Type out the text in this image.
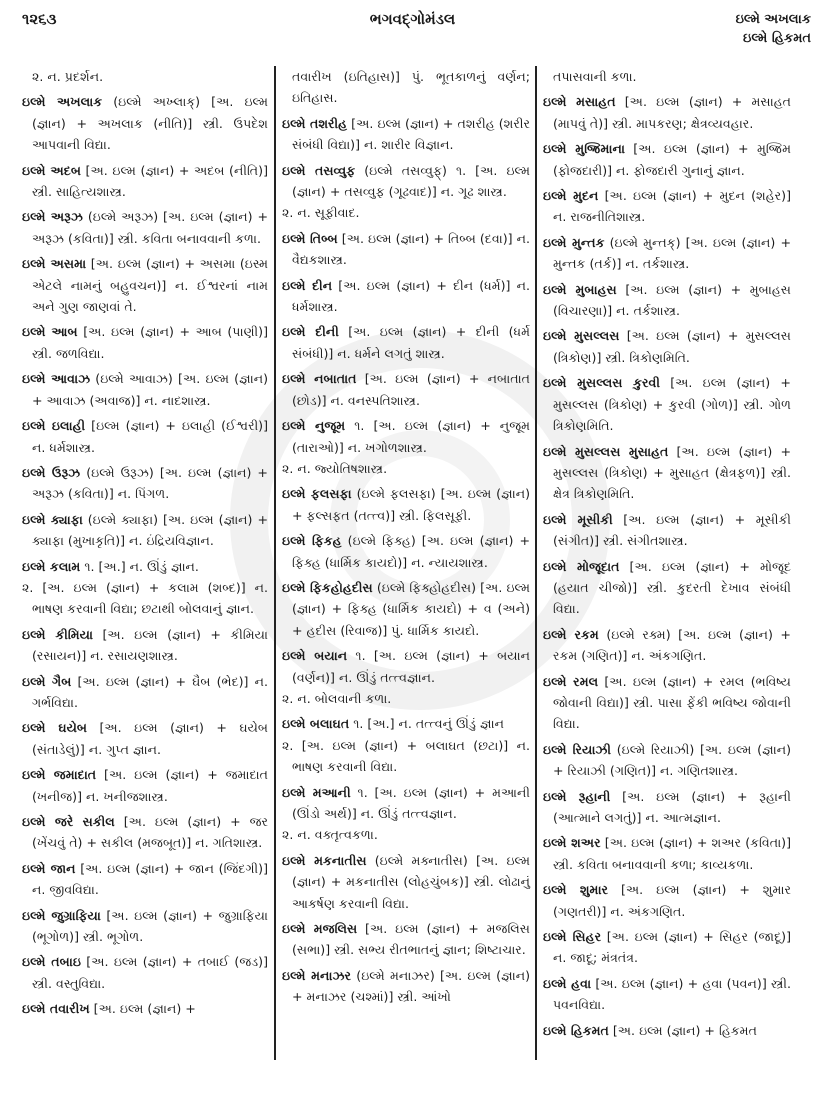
૧૨૬૩	ભગવદ્ગોમંડલ	ઇલ્મે અખલાક
ઇલ્મે હિકમત

૨. ન. પ્રદર્શન.

ઇલ્મે અખલાક (ઇલ્મે અખ્લાક્) [અ. ઇલ્મ (જ્ઞાન) + અખલાક (નીતિ)] સ્ત્રી. ઉપદેશ આપવાની વિદ્યા.

ઇલ્મે અદબ [અ. ઇલ્મ (જ્ઞાન) + અદબ (નીતિ)] સ્ત્રી. સાહિત્યશાસ્ત્ર.

ઇલ્મે અરૂઝ (ઇલ્મે અરૂઝ) [અ. ઇલ્મ (જ્ઞાન) + અરૂઝ (કવિતા)] સ્ત્રી. કવિતા બનાવવાની કળા.

ઇલ્મે અસમા [અ. ઇલ્મ (જ્ઞાન) + અસમા (ઇસ્મ એટલે નામનું બહુવચન)] ન. ઈશ્વરનાં નામ અને ગુણ જાણવાં તે.

ઇલ્મે આબ [અ. ઇલ્મ (જ્ઞાન) + આબ (પાણી)] સ્ત્રી. જળવિદ્યા.

ઇલ્મે આવાઝ (ઇલ્મે આવાઝ) [અ. ઇલ્મ (જ્ઞાન) + આવાઝ (અવાજ)] ન. નાદશાસ્ત્ર.

ઇલ્મે ઇલાહી [ઇલ્મ (જ્ઞાન) + ઇલાહી (ઈશ્વરી)] ન. ધર્મશાસ્ત્ર.

ઇલ્મે ઉરૂઝ (ઇલ્મે ઉરૂઝ) [અ. ઇલ્મ (જ્ઞાન) + અરૂઝ (કવિતા)] ન. પિંગળ.

ઇલ્મે ક્યાફા (ઇલ્મે ક્યાફા) [અ. ઇલ્મ (જ્ઞાન) + ક્યાફા (મુખાકૃતિ)] ન. ઇંદ્રિયવિજ્ઞાન.

ઇલ્મે કલામ ૧. [અ.] ન. ઊંડું જ્ઞાન.
૨. [અ. ઇલ્મ (જ્ઞાન) + કલામ (શબ્દ)] ન. ભાષણ કરવાની વિદ્યા; છટાથી બોલવાનું જ્ઞાન.

ઇલ્મે કીમિયા [અ. ઇલ્મ (જ્ઞાન) + કીમિયા (રસાયન)] ન. રસાયણશાસ્ત્ર.

ઇલ્મે ગૈબ [અ. ઇલ્મ (જ્ઞાન) + ઘૈબ (ભેદ)] ન. ગર્ભવિદ્યા.

ઇલ્મે ઘયેબ [અ. ઇલ્મ (જ્ઞાન) + ઘયેબ (સંતાડેલું)] ન. ગુપ્ત જ્ઞાન.

ઇલ્મે જમાદાત [અ. ઇલ્મ (જ્ઞાન) + જમાદાત (ખનીજ)] ન. ખનીજશાસ્ત્ર.

ઇલ્મે જરે સકીલ [અ. ઇલ્મ (જ્ઞાન) + જર (ખેંચવું તે) + સકીલ (મજબૂત)] ન. ગતિશાસ્ત્ર.

ઇલ્મે જાન [અ. ઇલ્મ (જ્ઞાન) + જાન (જિંદગી)] ન. જીવવિદ્યા.

ઇલ્મે જુગ્રાફિયા [અ. ઇલ્મ (જ્ઞાન) + જુગ્રાફિયા (ભૂગોળ)] સ્ત્રી. ભૂગોળ.

ઇલ્મે તબાઇ [અ. ઇલ્મ (જ્ઞાન) + તબાઈ (જડ)] સ્ત્રી. વસ્તુવિદ્યા.

ઇલ્મે તવારીખ [અ. ઇલ્મ (જ્ઞાન) +

તવારીખ (ઇતિહાસ)] પું. ભૂતકાળનું વર્ણન; ઇતિહાસ.

ઇલ્મે તશરીહ [અ. ઇલ્મ (જ્ઞાન) + તશરીહ (શરીર સંબંધી વિદ્યા)] ન. શારીર વિજ્ઞાન.

ઇલ્મે તસવ્વુફ (ઇલ્મે તસવ્વુફ્) ૧. [અ. ઇલ્મ (જ્ઞાન) + તસવ્વુફ (ગૂઢવાદ)] ન. ગૂઢ શાસ્ત્ર.
૨. ન. સૂફીવાદ.

ઇલ્મે તિબ્બ [અ. ઇલ્મ (જ્ઞાન) + તિબ્બ (દવા)] ન. વૈદ્યકશાસ્ત્ર.

ઇલ્મે દીન [અ. ઇલ્મ (જ્ઞાન) + દીન (ધર્મ)] ન. ધર્મશાસ્ત્ર.

ઇલ્મે દીની [અ. ઇલ્મ (જ્ઞાન) + દીની (ધર્મ સંબંધી)] ન. ધર્મને લગતું શાસ્ત્ર.

ઇલ્મે નબાતાત [અ. ઇલ્મ (જ્ઞાન) + નબાતાત (છોડ)] ન. વનસ્પતિશાસ્ત્ર.

ઇલ્મે નુજૂમ ૧. [અ. ઇલ્મ (જ્ઞાન) + નુજૂમ (તારાઓ)] ન. ખગોળશાસ્ત્ર.
૨. ન. જ્યોતિષશાસ્ત્ર.

ઇલ્મે ફલસફા (ઇલ્મે ફલસફા) [અ. ઇલ્મ (જ્ઞાન) + ફલ્સફત (તત્ત્વ)] સ્ત્રી. ફિલસૂફી.

ઇલ્મે ફિકહ (ઇલ્મે ફિક્હ) [અ. ઇલ્મ (જ્ઞાન) + ફિક્હ (ધાર્મિક કાયદો)] ન. ન્યાયશાસ્ત્ર.

ઇલ્મે ફિકહોહદીસ (ઇલ્મે ફિક્હોહદીસ) [અ. ઇલ્મ (જ્ઞાન) + ફિક્હ (ધાર્મિક કાયદો) + વ (અને) + હદીસ (રિવાજ)] પું. ધાર્મિક કાયદો.

ઇલ્મે બયાન ૧. [અ. ઇલ્મ (જ્ઞાન) + બયાન (વર્ણન)] ન. ઊંડું તત્ત્વજ્ઞાન.
૨. ન. બોલવાની કળા.

ઇલ્મે બલાઘત ૧. [અ.] ન. તત્ત્વનું ઊંડું જ્ઞાન
૨. [અ. ઇલ્મ (જ્ઞાન) + બલાઘત (છટા)] ન. ભાષણ કરવાની વિદ્યા.

ઇલ્મે મઆની ૧. [અ. ઇલ્મ (જ્ઞાન) + મઆની (ઊંડો અર્થ)] ન. ઊંડું તત્ત્વજ્ઞાન.
૨. ન. વક્તૃત્વકળા.

ઇલ્મે મકનાતીસ (ઇલ્મે મક્નાતીસ) [અ. ઇલ્મ (જ્ઞાન) + મકનાતીસ (લોહચુંબક)] સ્ત્રી. લોઢાનું આકર્ષણ કરવાની વિદ્યા.

ઇલ્મે મજલિસ [અ. ઇલ્મ (જ્ઞાન) + મજલિસ (સભા)] સ્ત્રી. સભ્ય રીતભાતનું જ્ઞાન; શિષ્ટાચાર.

ઇલ્મે મનાઝર (ઇલ્મે મનાઝર) [અ. ઇલ્મ (જ્ઞાન) + મનાઝર (ચશ્માં)] સ્ત્રી. આંખો

તપાસવાની કળા.

ઇલ્મે મસાહત [અ. ઇલ્મ (જ્ઞાન) + મસાહત (માપવું તે)] સ્ત્રી. માપકરણ; ક્ષેત્રવ્યવહાર.

ઇલ્મે મુજ્રિમાના [અ. ઇલ્મ (જ્ઞાન) + મુજ્રિમ (ફોજદારી)] ન. ફોજદારી ગુનાનું જ્ઞાન.

ઇલ્મે મુદન [અ. ઇલ્મ (જ્ઞાન) + મુદન (શહેર)] ન. રાજનીતિશાસ્ત્ર.

ઇલ્મે મુન્તક (ઇલ્મે મુન્તક્) [અ. ઇલ્મ (જ્ઞાન) + મુન્તક (તર્ક)] ન. તર્કશાસ્ત્ર.

ઇલ્મે મુબાહસ [અ. ઇલ્મ (જ્ઞાન) + મુબાહસ (વિચારણા)] ન. તર્કશાસ્ત્ર.

ઇલ્મે મુસલ્લસ [અ. ઇલ્મ (જ્ઞાન) + મુસલ્લસ (ત્રિકોણ)] સ્ત્રી. ત્રિકોણમિતિ.

ઇલ્મે મુસલ્લસ કુરવી [અ. ઇલ્મ (જ્ઞાન) + મુસલ્લસ (ત્રિકોણ) + કુરવી (ગોળ)] સ્ત્રી. ગોળ ત્રિકોણમિતિ.

ઇલ્મે મુસલ્લસ મુસાહત [અ. ઇલ્મ (જ્ઞાન) + મુસલ્લસ (ત્રિકોણ) + મુસાહત (ક્ષેત્રફળ)] સ્ત્રી. ક્ષેત્ર ત્રિકોણમિતિ.

ઇલ્મે મૂસીકી [અ. ઇલ્મ (જ્ઞાન) + મૂસીકી (સંગીત)] સ્ત્રી. સંગીતશાસ્ત્ર.

ઇલ્મે મોજૂદાત [અ. ઇલ્મ (જ્ઞાન) + મોજૂદ (હયાત ચીજો)] સ્ત્રી. કુદરતી દેખાવ સંબંધી વિદ્યા.

ઇલ્મે રકમ (ઇલ્મે રક્મ) [અ. ઇલ્મ (જ્ઞાન) + રકમ (ગણિત)] ન. અંકગણિત.

ઇલ્મે રમલ [અ. ઇલ્મ (જ્ઞાન) + રમલ (ભવિષ્ય જોવાની વિદ્યા)] સ્ત્રી. પાસા ફેંકી ભવિષ્ય જોવાની વિદ્યા.

ઇલ્મે રિયાઝી (ઇલ્મે રિયાઝી) [અ. ઇલ્મ (જ્ઞાન) + રિયાઝી (ગણિત)] ન. ગણિતશાસ્ત્ર.

ઇલ્મે રૂહાની [અ. ઇલ્મ (જ્ઞાન) + રૂહાની (આત્માને લગતું)] ન. આત્મજ્ઞાન.

ઇલ્મે શઅર [અ. ઇલ્મ (જ્ઞાન) + શઅર (કવિતા)] સ્ત્રી. કવિતા બનાવવાની કળા; કાવ્યકળા.

ઇલ્મે શુમાર [અ. ઇલ્મ (જ્ઞાન) + શુમાર (ગણતરી)] ન. અંકગણિત.

ઇલ્મે સિહર [અ. ઇલ્મ (જ્ઞાન) + સિહર (જાદૂ)] ન. જાદૂ; મંત્રતંત્ર.

ઇલ્મે હવા [અ. ઇલ્મ (જ્ઞાન) + હવા (પવન)] સ્ત્રી. પવનવિદ્યા.

ઇલ્મે હિકમત [અ. ઇલ્મ (જ્ઞાન) + હિકમત
